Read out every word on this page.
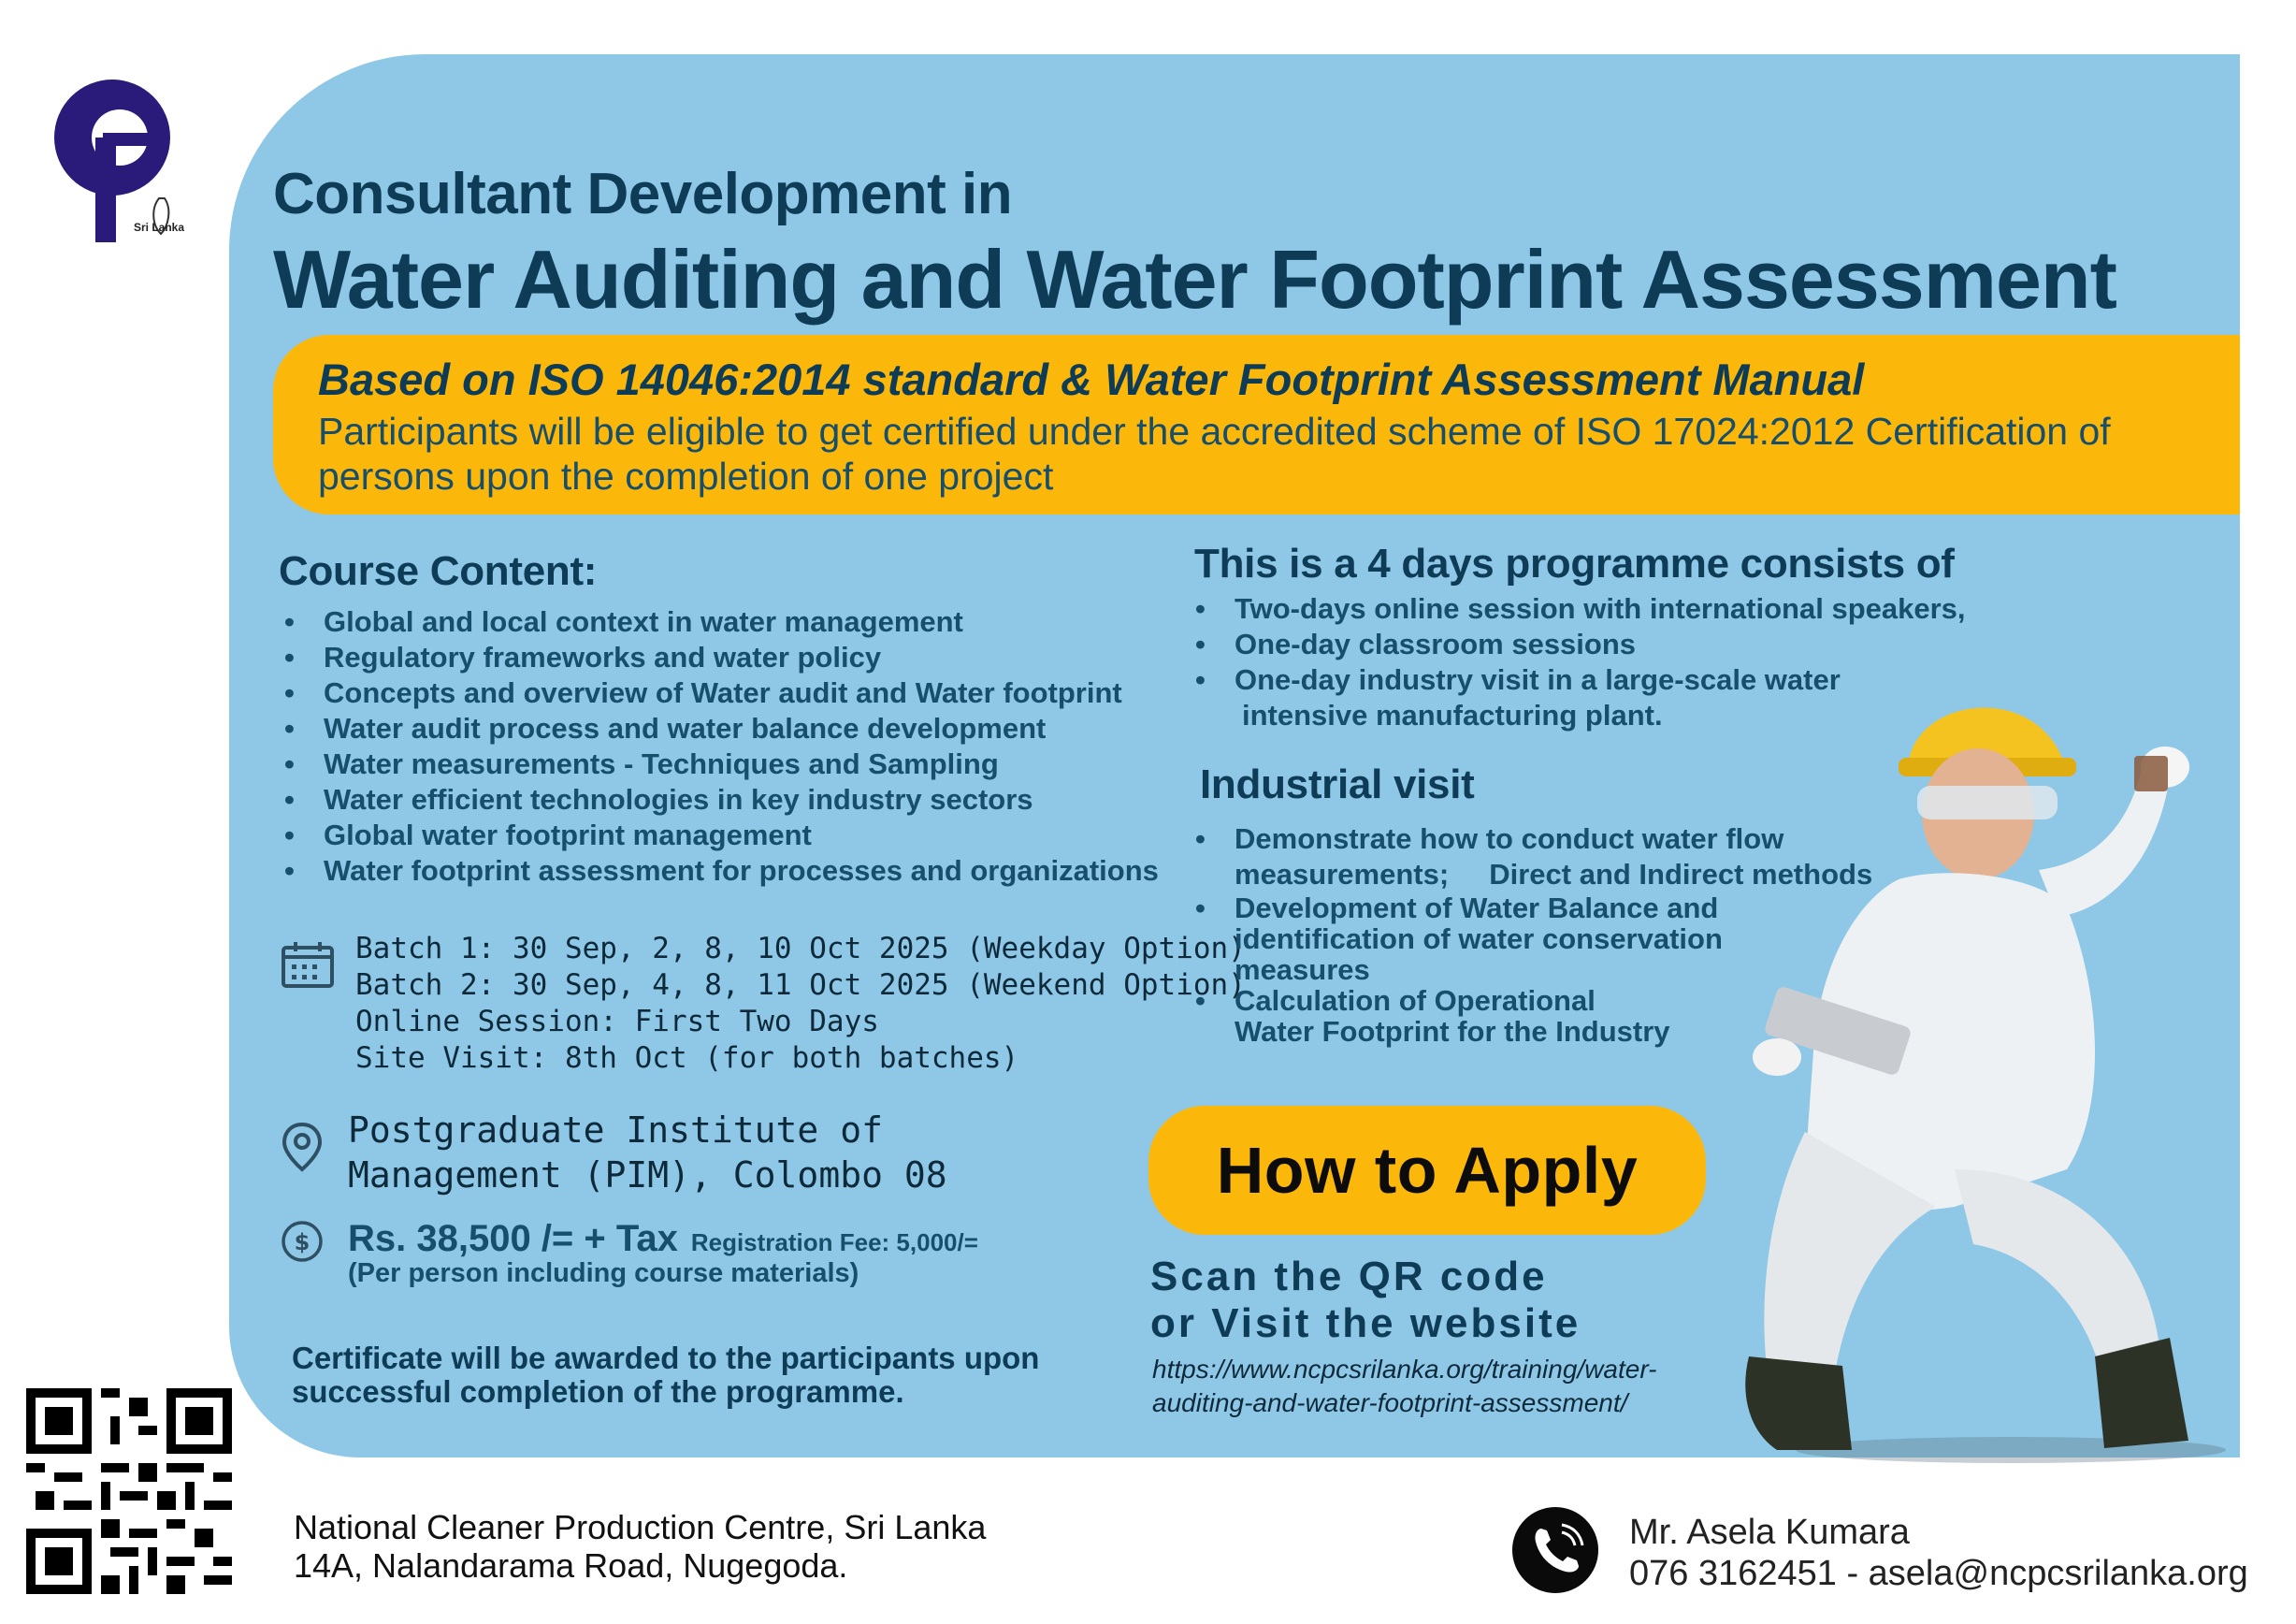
Sri Lanka
Consultant Development in
Water Auditing and Water Footprint Assessment
Based on ISO 14046:2014 standard & Water Footprint Assessment Manual
Participants will be eligible to get certified under the accredited scheme of ISO 17024:2012 Certification of persons upon the completion of one project
Course Content:
• Global and local context in water management
• Regulatory frameworks and water policy
• Concepts and overview of Water audit and Water footprint
• Water audit process and water balance development
• Water measurements - Techniques and Sampling
• Water efficient technologies in key industry sectors
• Global water footprint management
• Water footprint assessment for processes and organizations
Batch 1: 30 Sep, 2, 8, 10 Oct 2025 (Weekday Option)
Batch 2: 30 Sep, 4, 8, 11 Oct 2025 (Weekend Option)
Online Session: First Two Days
Site Visit: 8th Oct (for both batches)
Postgraduate Institute of
Management (PIM), Colombo 08
$ Rs. 38,500 /= + Tax Registration Fee: 5,000/=
(Per person including course materials)
Certificate will be awarded to the participants upon
successful completion of the programme.
This is a 4 days programme consists of
• Two-days online session with international speakers,
• One-day classroom sessions
• One-day industry visit in a large-scale water
intensive manufacturing plant.
Industrial visit
• Demonstrate how to conduct water flow
measurements;     Direct and Indirect methods
• Development of Water Balance and
identification of water conservation
measures
• Calculation of Operational
Water Footprint for the Industry
How to Apply
Scan the QR code
or Visit the website
https://www.ncpcsrilanka.org/training/water-
auditing-and-water-footprint-assessment/
National Cleaner Production Centre, Sri Lanka
14A, Nalandarama Road, Nugegoda.
Mr. Asela Kumara
076 3162451 - asela@ncpcsrilanka.org
